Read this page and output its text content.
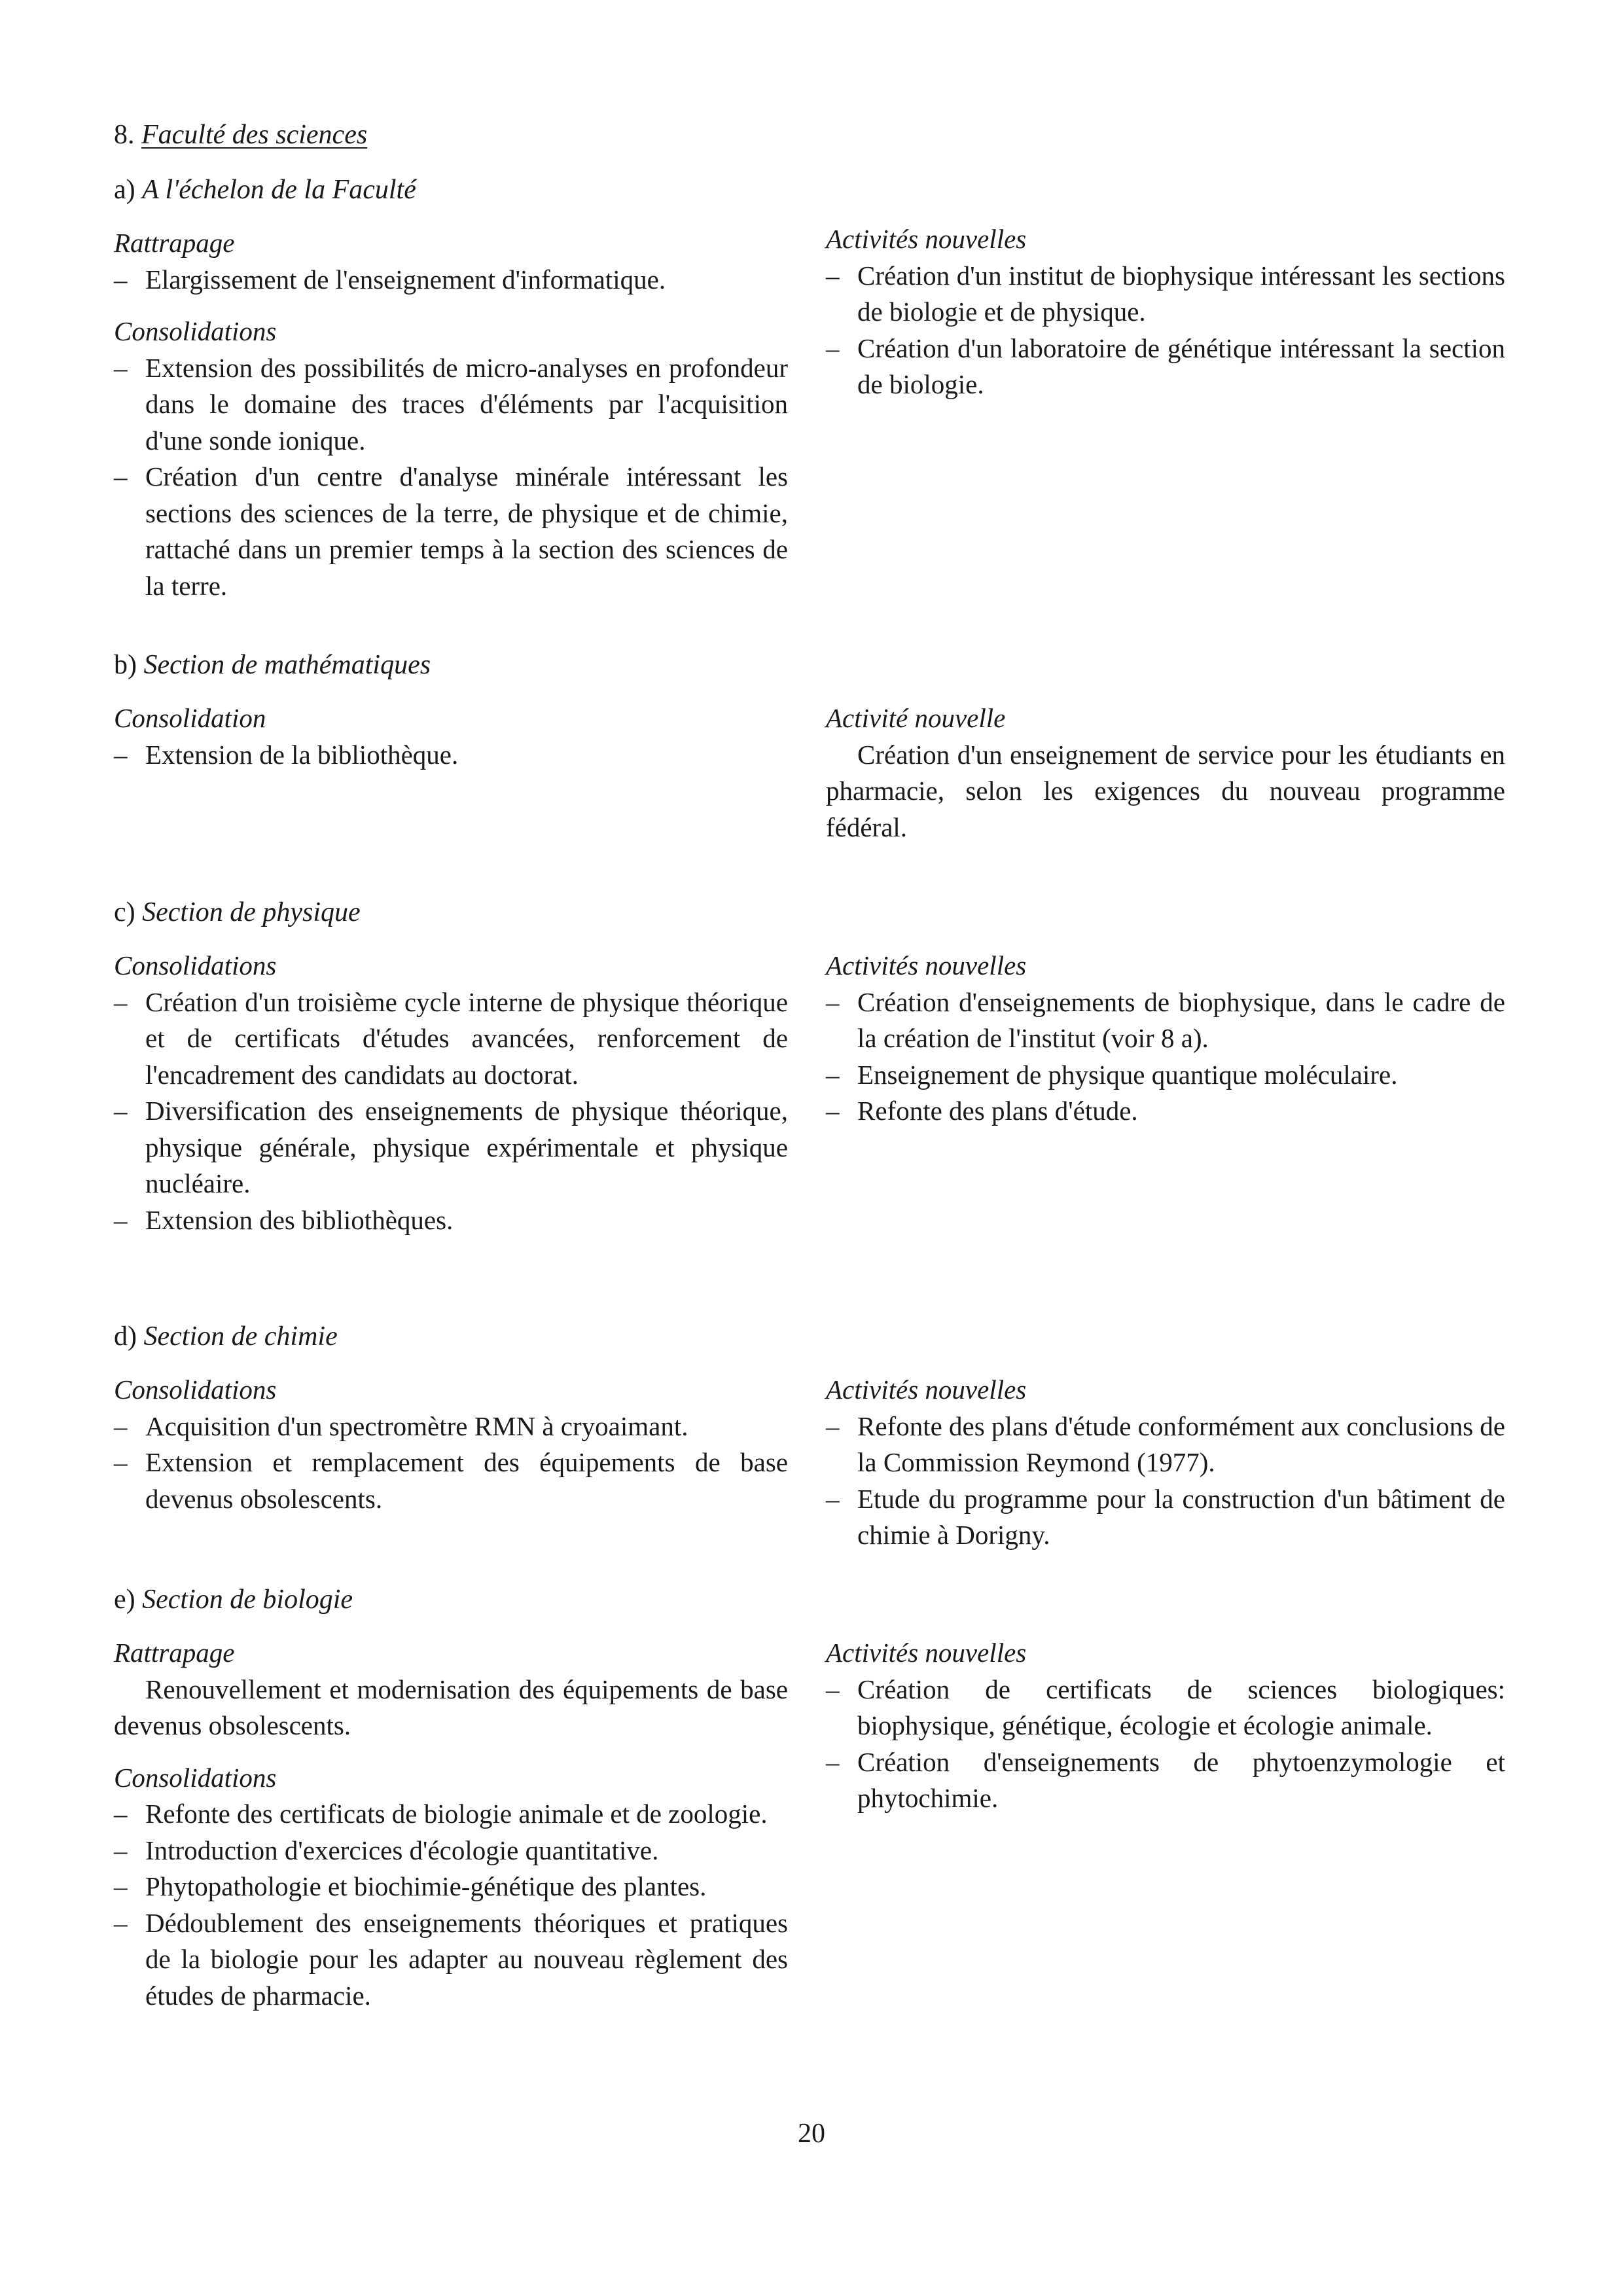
8. Faculté des sciences
a) A l'échelon de la Faculté

Rattrapage

– Elargissement de l'enseignement d'informatique.

Consolidations

– Extension des possibilités de micro-analyses en profondeur dans le domaine des traces d'éléments par l'acquisition d'une sonde ionique.
– Création d'un centre d'analyse minérale intéressant les sections des sciences de la terre, de physique et de chimie, rattaché dans un premier temps à la section des sciences de la terre.

Activités nouvelles

– Création d'un institut de biophysique intéressant les sections de biologie et de physique.
– Création d'un laboratoire de génétique intéressant la section de biologie.
b) Section de mathématiques

Consolidation

– Extension de la bibliothèque.

Activité nouvelle

Création d'un enseignement de service pour les étudiants en pharmacie, selon les exigences du nouveau programme fédéral.

c) Section de physique

Consolidations

– Création d'un troisième cycle interne de physique théorique et de certificats d'études avancées, renforcement de l'encadrement des candidats au doctorat.
– Diversification des enseignements de physique théorique, physique générale, physique expérimentale et physique nucléaire.
– Extension des bibliothèques.

Activités nouvelles

– Création d'enseignements de biophysique, dans le cadre de la création de l'institut (voir 8 a).
– Enseignement de physique quantique moléculaire.
– Refonte des plans d'étude.
d) Section de chimie

Consolidations

– Acquisition d'un spectromètre RMN à cryoaimant.
– Extension et remplacement des équipements de base devenus obsolescents.

Activités nouvelles

– Refonte des plans d'étude conformément aux conclusions de la Commission Reymond (1977).
– Etude du programme pour la construction d'un bâtiment de chimie à Dorigny.
e) Section de biologie

Rattrapage

Renouvellement et modernisation des équipements de base devenus obsolescents.

Consolidations

– Refonte des certificats de biologie animale et de zoologie.
– Introduction d'exercices d'écologie quantitative.
– Phytopathologie et biochimie-génétique des plantes.
– Dédoublement des enseignements théoriques et pratiques de la biologie pour les adapter au nouveau règlement des études de pharmacie.

Activités nouvelles

– Création de certificats de sciences biologiques: biophysique, génétique, écologie et écologie animale.
– Création d'enseignements de phytoenzymologie et phytochimie.
20
